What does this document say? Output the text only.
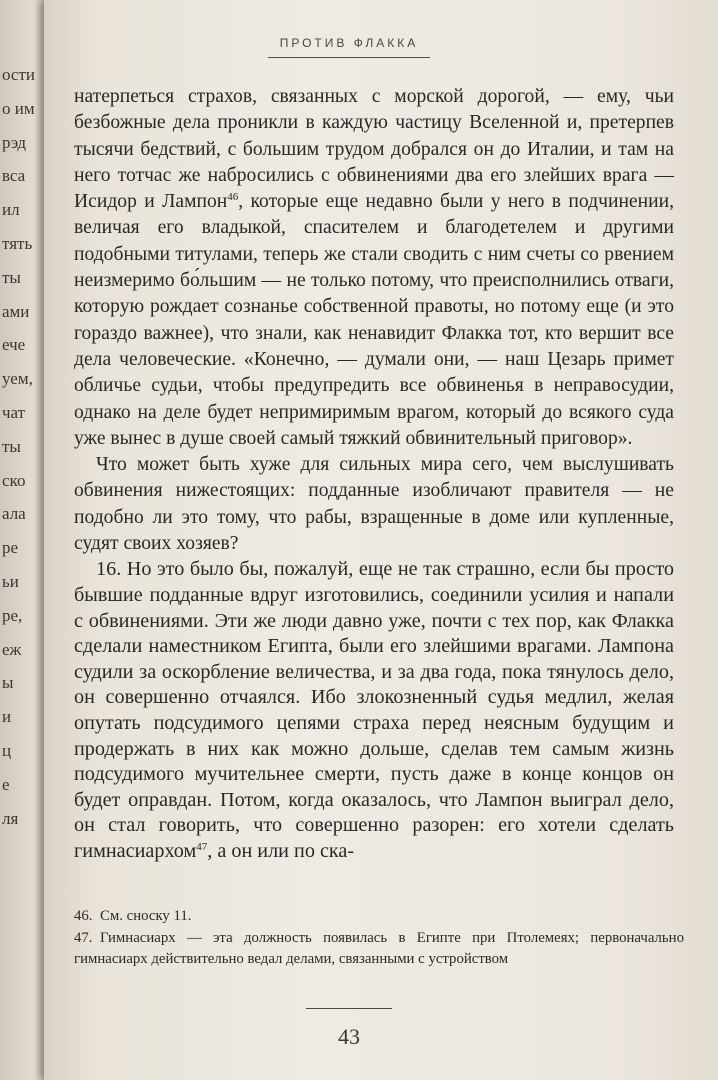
ости
о им
рэд
вса
ил
тять
ты
ами
ече
уем,
чат
ты
ско
ала
ре
ьи
ре,
еж
ы
и
ц
е
ля
ПРОТИВ ФЛАККА

натерпеться страхов, связанных с морской дорогой, — ему, чьи безбожные дела проникли в каждую частицу Вселенной и, претерпев тысячи бедствий, с большим трудом добрался он до Италии, и там на него тотчас же набросились с обвинениями два его злейших врага — Исидор и Лампон$^{46}$, которые еще недавно были у него в подчинении, величая его владыкой, спасителем и благодетелем и другими подобными титулами, теперь же стали сводить с ним счеты со рвением неизмеримо бо́льшим — не только потому, что преисполнились отваги, которую рождает сознанье собственной правоты, но потому еще (и это гораздо важнее), что знали, как ненавидит Флакка тот, кто вершит все дела человеческие. «Конечно, — думали они, — наш Цезарь примет обличье судьи, чтобы предупредить все обвиненья в неправосудии, однако на деле будет непримиримым врагом, который до всякого суда уже вынес в душе своей самый тяжкий обвинительный приговор».

Что может быть хуже для сильных мира сего, чем выслушивать обвинения нижестоящих: подданные изобличают правителя — не подобно ли это тому, что рабы, взращенные в доме или купленные, судят своих хозяев?

16. Но это было бы, пожалуй, еще не так страшно, если бы просто бывшие подданные вдруг изготовились, соединили усилия и напали с обвинениями. Эти же люди давно уже, почти с тех пор, как Флакка сделали наместником Египта, были его злейшими врагами. Лампона судили за оскорбление величества, и за два года, пока тянулось дело, он совершенно отчаялся. Ибо злокозненный судья медлил, желая опутать подсудимого цепями страха перед неясным будущим и продержать в них как можно дольше, сделав тем самым жизнь подсудимого мучительнее смерти, пусть даже в конце концов он будет оправдан. Потом, когда оказалось, что Лампон выиграл дело, он стал говорить, что совершенно разорен: его хотели сделать гимнасиархом$^{47}$, а он или по ска-

46. См. сноску 11.

47. Гимнасиарх — эта должность появилась в Египте при Птолемеях; первоначально гимнасиарх действительно ведал делами, связанными с устройством

43
